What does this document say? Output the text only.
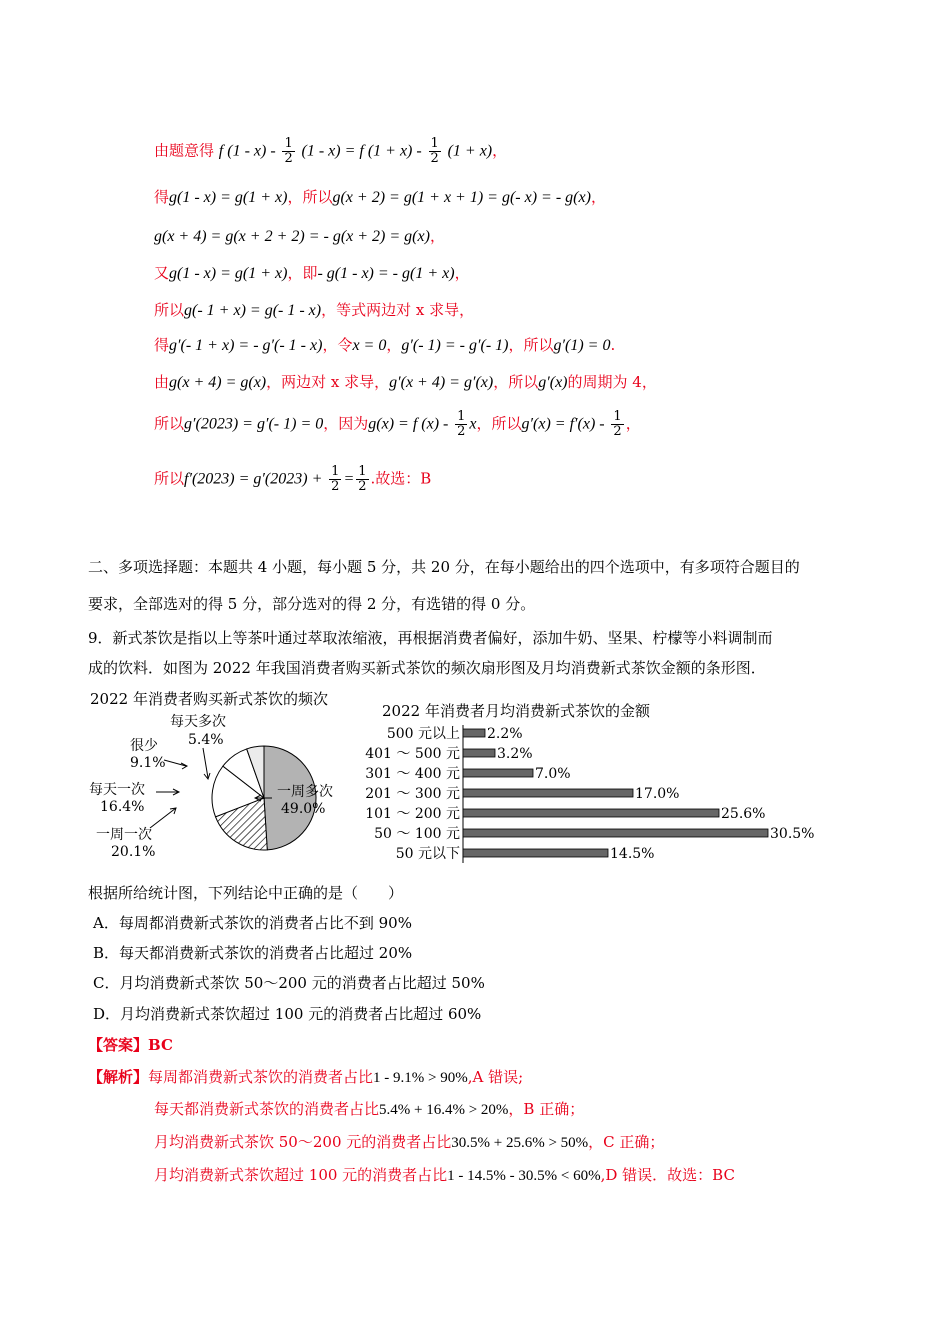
由题意得 f $(1 - x) - \frac{1}{2} (1 - x) = f$ $(1 + x) - \frac{1}{2} (1 + x)$，
得g(1 - x) = g(1 + x)，所以g(x + 2) = g(1 + x + 1) = g(- x) = - g(x)，
g(x + 4) = g(x + 2 + 2) = - g(x + 2) = g(x)，
又g(1 - x) = g(1 + x)，即- g(1 - x) = - g(1 + x)，
所以g(- 1 + x) = g(- 1 - x)，等式两边对 x 求导，
得g′(- 1 + x) = - g′(- 1 - x)，令x = 0，g′(- 1) = - g′(- 1)，所以g′(1) = 0.
由g(x + 4) = g(x)，两边对 x 求导，g′(x + 4) = g′(x)，所以g′(x)的周期为 4，
所以g′(2023) = g′(- 1) = 0，因为g(x) = f $(x) - \frac{1}{2}$ x，所以$g'(x) = f'(x) - \frac{1}{2}$ ，
所以$f'(2023) = g'(2023) + \frac{1}{2} = \frac{1}{2}$ .故选：B
二、多项选择题：本题共 4 小题，每小题 5 分，共 20 分，在每小题给出的四个选项中，有多项符合题目的
要求，全部选对的得 5 分，部分选对的得 2 分，有选错的得 0 分。
9．新式茶饮是指以上等茶叶通过萃取浓缩液，再根据消费者偏好，添加牛奶、坚果、柠檬等小料调制而
成的饮料．如图为 2022 年我国消费者购买新式茶饮的频次扇形图及月均消费新式茶饮金额的条形图．
2022 年消费者购买新式茶饮的频次
每天多次
5.4%
很少
9.1%
每天一次
16.4%
一周一次
20.1%
一周多次
49.0%
2022 年消费者月均消费新式茶饮的金额
500 元以上 2.2%
401 ～ 500 元	3.2%
301 ～ 400 元	7.0%
201 ～ 300 元	17.0%
101 ～ 200 元	25.6%
50 ～ 100 元	30.5%
50 元以下	14.5%
根据所给统计图，下列结论中正确的是（　　）
A．每周都消费新式茶饮的消费者占比不到 90%
B．每天都消费新式茶饮的消费者占比超过 20%
C．月均消费新式茶饮 50～200 元的消费者占比超过 50%
D．月均消费新式茶饮超过 100 元的消费者占比超过 60%
【答案】BC
【解析】每周都消费新式茶饮的消费者占比1 - 9.1% > 90%,A 错误;
每天都消费新式茶饮的消费者占比5.4% + 16.4% > 20%，B 正确；
月均消费新式茶饮 50～200 元的消费者占比30.5% + 25.6% > 50%，C 正确；
月均消费新式茶饮超过 100 元的消费者占比1 - 14.5% - 30.5% < 60%,D 错误．故选：BC
